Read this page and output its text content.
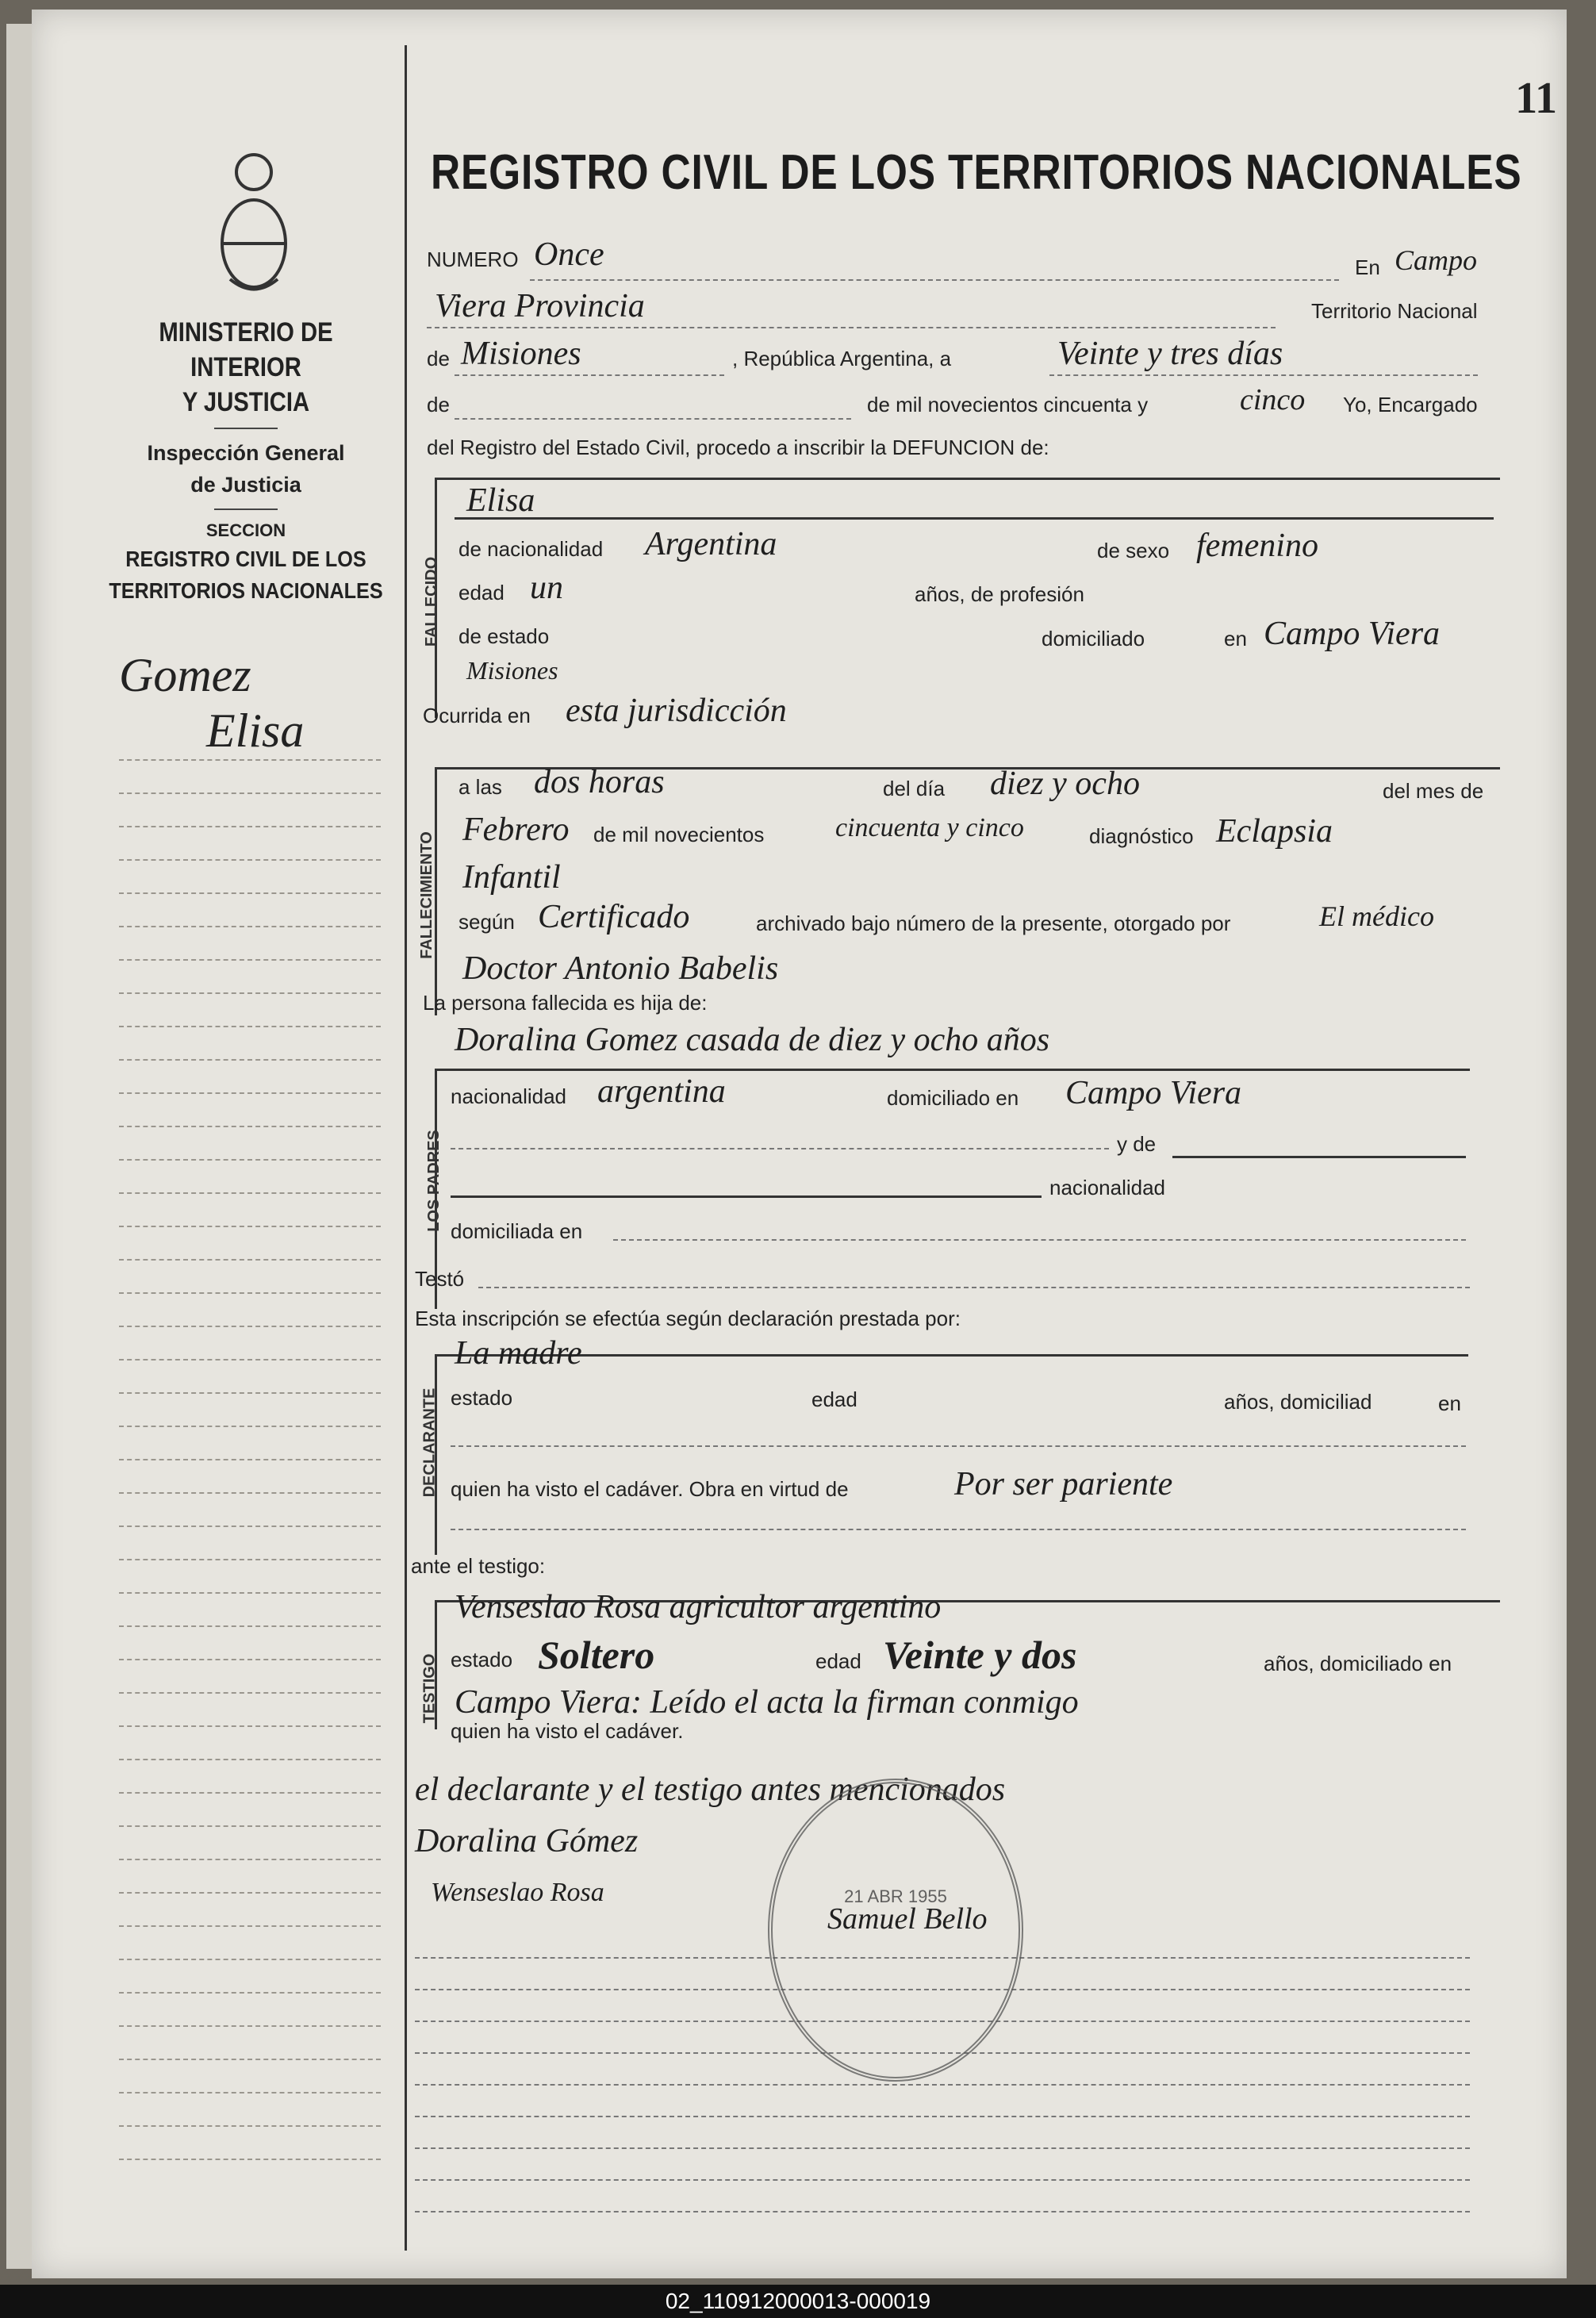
MINISTERIO DE INTERIOR
Y JUSTICIA
Inspección General
de Justicia
SECCION
REGISTRO CIVIL DE LOS
TERRITORIOS NACIONALES
Gomez
Elisa
11
REGISTRO CIVIL DE LOS TERRITORIOS NACIONALES
NUMERO Once	En Campo
Viera Provincia	Territorio Nacional
de Misiones	, República Argentina, a	Veinte y tres días
de	de mil novecientos cincuenta y	cinco Yo, Encargado
del Registro del Estado Civil, procedo a inscribir la DEFUNCION de:
FALLECIDO
Elisa
de nacionalidad Argentina	de sexo femenino
edad un	años, de profesión
de estado	domiciliado	en Campo Viera
Misiones
Ocurrida en esta jurisdicción
FALLECIMIENTO
a las dos horas	del día diez y ocho	del mes de
Febrero de mil novecientos	cincuenta y cinco	diagnóstico Eclapsia
Infantil
según Certificado	archivado bajo número de la presente, otorgado por	El médico
Doctor Antonio Babelis
La persona fallecida es hija de:
LOS PADRES
Doralina Gomez casada de diez y ocho años
nacionalidad argentina	domiciliado en Campo Viera
y de
nacionalidad
domiciliada en
Testó
Esta inscripción se efectúa según declaración prestada por:
DECLARANTE
La madre
estado	edad	años, domiciliad	en
quien ha visto el cadáver. Obra en virtud de	Por ser pariente
ante el testigo:
TESTIGO
Venseslao Rosa agricultor argentino
estado Soltero	edad Veinte y dos	años, domiciliado en
Campo Viera: Leído el acta la firman conmigo
quien ha visto el cadáver.
el declarante y el testigo antes mencionados
Doralina Gómez
Wenseslao Rosa
Samuel Bello
21 ABR 1955
02_110912000013-000019
